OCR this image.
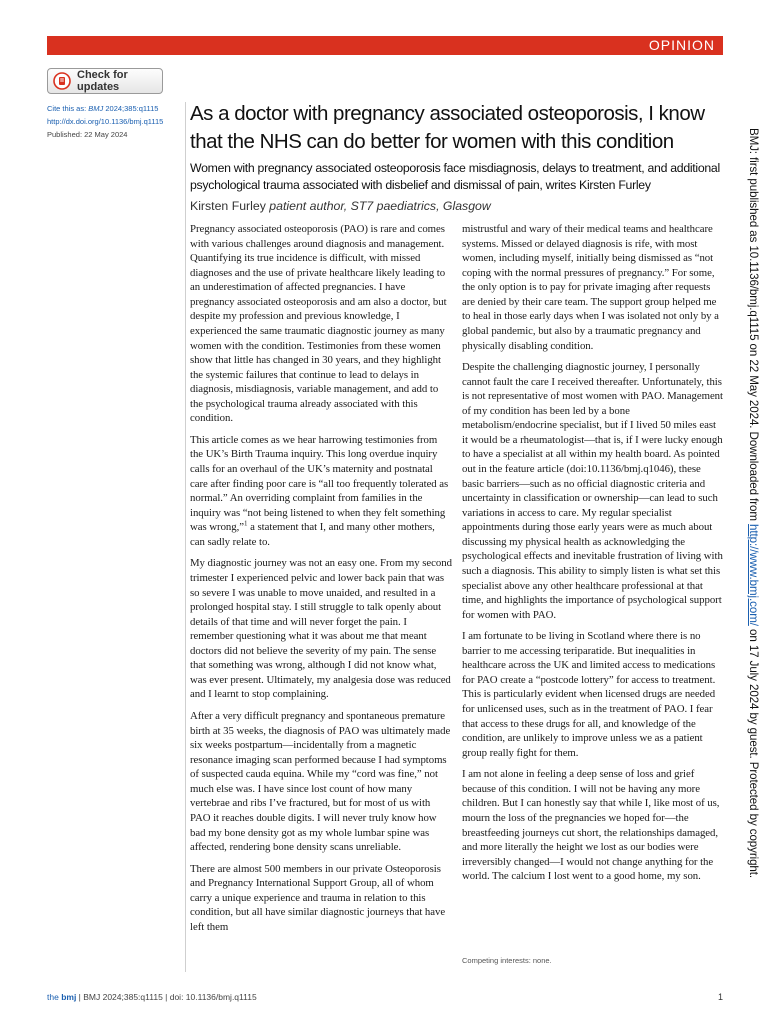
OPINION
Check for updates
Cite this as: BMJ 2024;385:q1115
http://dx.doi.org/10.1136/bmj.q1115
Published: 22 May 2024
As a doctor with pregnancy associated osteoporosis, I know that the NHS can do better for women with this condition

Women with pregnancy associated osteoporosis face misdiagnosis, delays to treatment, and additional psychological trauma associated with disbelief and dismissal of pain, writes Kirsten Furley

Kirsten Furley patient author, ST7 paediatrics, Glasgow

Pregnancy associated osteoporosis (PAO) is rare and comes with various challenges around diagnosis and management. Quantifying its true incidence is difficult, with missed diagnoses and the use of private healthcare likely leading to an underestimation of affected pregnancies. I have pregnancy associated osteoporosis and am also a doctor, but despite my profession and previous knowledge, I experienced the same traumatic diagnostic journey as many women with the condition. Testimonies from these women show that little has changed in 30 years, and they highlight the systemic failures that continue to lead to delays in diagnosis, misdiagnosis, variable management, and add to the psychological trauma already associated with this condition.

This article comes as we hear harrowing testimonies from the UK’s Birth Trauma inquiry. This long overdue inquiry calls for an overhaul of the UK’s maternity and postnatal care after finding poor care is “all too frequently tolerated as normal.” An overriding complaint from families in the inquiry was “not being listened to when they felt something was wrong,”$^1$ a statement that I, and many other mothers, can sadly relate to.

My diagnostic journey was not an easy one. From my second trimester I experienced pelvic and lower back pain that was so severe I was unable to move unaided, and resulted in a prolonged hospital stay. I still struggle to talk openly about details of that time and will never forget the pain. I remember questioning what it was about me that meant doctors did not believe the severity of my pain. The sense that something was wrong, although I did not know what, was ever present. Ultimately, my analgesia dose was reduced and I learnt to stop complaining.

After a very difficult pregnancy and spontaneous premature birth at 35 weeks, the diagnosis of PAO was ultimately made six weeks postpartum—incidentally from a magnetic resonance imaging scan performed because I had symptoms of suspected cauda equina. While my “cord was fine,” not much else was. I have since lost count of how many vertebrae and ribs I’ve fractured, but for most of us with PAO it reaches double digits. I will never truly know how bad my bone density got as my whole lumbar spine was affected, rendering bone density scans unreliable.

There are almost 500 members in our private Osteoporosis and Pregnancy International Support Group, all of whom carry a unique experience and trauma in relation to this condition, but all have similar diagnostic journeys that have left them

mistrustful and wary of their medical teams and healthcare systems. Missed or delayed diagnosis is rife, with most women, including myself, initially being dismissed as “not coping with the normal pressures of pregnancy.” For some, the only option is to pay for private imaging after requests are denied by their care team. The support group helped me to heal in those early days when I was isolated not only by a global pandemic, but also by a traumatic pregnancy and physically disabling condition.

Despite the challenging diagnostic journey, I personally cannot fault the care I received thereafter. Unfortunately, this is not representative of most women with PAO. Management of my condition has been led by a bone metabolism/endocrine specialist, but if I lived 50 miles east it would be a rheumatologist—that is, if I were lucky enough to have a specialist at all within my health board. As pointed out in the feature article (doi:10.1136/bmj.q1046), these basic barriers—such as no official diagnostic criteria and uncertainty in classification or ownership—can lead to such variations in access to care. My regular specialist appointments during those early years were as much about discussing my physical health as acknowledging the psychological effects and inevitable frustration of living with such a diagnosis. This ability to simply listen is what set this specialist above any other healthcare professional at that time, and highlights the importance of psychological support for women with PAO.

I am fortunate to be living in Scotland where there is no barrier to me accessing teriparatide. But inequalities in healthcare across the UK and limited access to medications for PAO create a “postcode lottery” for access to treatment. This is particularly evident when licensed drugs are needed for unlicensed uses, such as in the treatment of PAO. I fear that access to these drugs for all, and knowledge of the condition, are unlikely to improve unless we as a patient group really fight for them.

I am not alone in feeling a deep sense of loss and grief because of this condition. I will not be having any more children. But I can honestly say that while I, like most of us, mourn the loss of the pregnancies we hoped for—the breastfeeding journeys cut short, the relationships damaged, and more literally the height we lost as our bodies were irreversibly changed—I would not change anything for the world. The calcium I lost went to a good home, my son.

Competing interests: none.
the bmj | BMJ 2024;385:q1115 | doi: 10.1136/bmj.q1115	1
BMJ: first published as 10.1136/bmj.q1115 on 22 May 2024. Downloaded from http://www.bmj.com/ on 17 July 2024 by guest. Protected by copyright.
